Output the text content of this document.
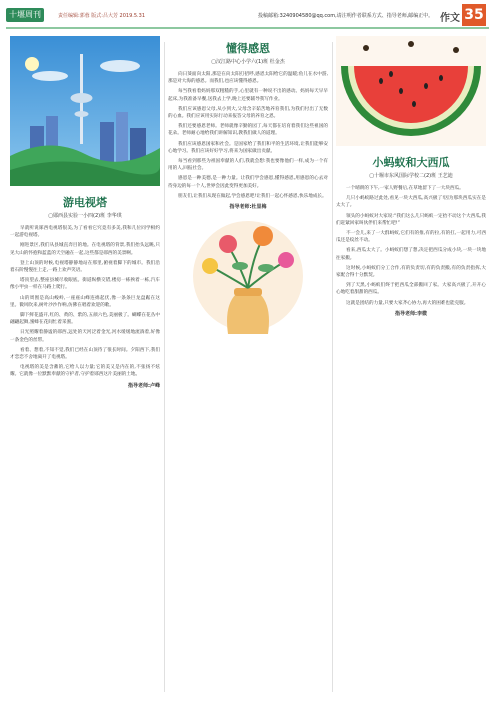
十堰周刊	责任编辑:郭蓉 版式:吕大芳 2019.5.31	投稿邮箱:3240904580@qq.com,请注明作者联系方式、指导老师,邮编正中。 作文 35
游电视塔
▢郧西县实验一小四(2)班 李华琪

早就听说郧西电视塔很美,为了看看它究竟有多美,我和几位同学相约一起游电视塔。

刚进景区,我们从县城直奔目的地。在电视塔的背景,我们抬头远眺,只见大山的怀抱和蓝蓝的天空融在一起,这些都是郧西的美景啊。

登上山顶的时候,电视塔静静地站在那里,俯视着脚下的城市。我们沿着石阶慢慢往上走,一路上欢声笑语。

塔顶望去,整座县城尽收眼底。街道纵横交错,楼房一栋挨着一栋,汽车像小甲虫一样在马路上爬行。

山的周围是高山峻岭,一座座山峰连绵起伏,像一条条巨龙盘踞在这里。微风吹来,树叶沙沙作响,仿佛在唱着欢迎的歌。

脚下鲜花盛开,红的、黄的、紫的,五颜六色,美丽极了。蝴蝶在花丛中翩翩起舞,蜜蜂在花间忙着采蜜。

日光照耀着静谧的郧西,远处的天河泛着金光,河水缓缓地流淌着,好像一条金色的丝带。

看着、想着,不知不觉,我们已经在山顶待了很长时间。夕阳西下,我们才恋恋不舍地离开了电视塔。

电视塔的美是含蓄的,它给人以力量;它的美又是内在的,不张扬不炫耀。它就像一位默默奉献的守护者,守护着郧西这片美丽的土地。

指导老师:卢峰
懂得感恩
▢汉江路中心小学六(1)班 杜金杰

向日葵面向太阳,那是在向太阳打招呼,感恩太阳给它的温暖;鱼儿在水中游,那是对大海的感恩。而我们,也应该懂得感恩。

每当我看着妈妈那双粗糙的手,心里就有一种说不出的感动。妈妈每天早早起床,为我准备早餐,送我去上学,晚上还要辅导我写作业。

我们应该感恩父母,从小到大,父母含辛茹苦地养育我们,为我们付出了无数的心血。我们应该用实际行动来报答父母的养育之恩。

我们还要感恩老师。老师就像辛勤的园丁,每天都在培育着我们这些祖国的花朵。老师耐心地给我们讲解知识,教我们做人的道理。

我们应该感恩国家和社会。是国家给了我们和平的生活环境,让我们能够安心地学习。我们应该好好学习,将来为国家做出贡献。

每当看到那些为祖国奉献的人们,我就会想:我也要像他们一样,成为一个有用的人,回报社会。

感恩是一种美德,是一种力量。让我们学会感恩,懂得感恩,用感恩的心去对待身边的每一个人,世界会因此变得更加美好。

朋友们,让我们从现在做起,学会感恩吧!让我们一起心怀感恩,快乐地成长。

指导老师:杜显梅
小蚂蚁和大西瓜
▢十堰市东风国际学校二(2)班 王艺迪

一个晴朗的下午,一家人野餐后,在草地留下了一大块西瓜。

几只小蚂蚁路过此处,看见一块大西瓜,高兴极了!因为那块西瓜实在是太大了。

领头的小蚂蚁对大家说:“我们这么几只蚂蚁一定抬不动这个大西瓜,我们赶紧回家叫伙伴们来帮忙吧!”

不一会儿,来了一大群蚂蚁,它们有的推,有的拉,有的扛,一起用力,可西瓜还是纹丝不动。

看来,西瓜太大了。小蚂蚁们想了想,决定把西瓜分成小块,一块一块地往家搬。

这时候,小蚂蚁们分工合作,有的负责切,有的负责搬,有的负责指挥,大家配合得十分默契。

到了天黑,小蚂蚁们终于把西瓜全部搬回了家。大家高兴极了,开开心心地吃着甜甜的西瓜。

这就是团结的力量,只要大家齐心协力,再大的困难也能克服。

指导老师:李微
